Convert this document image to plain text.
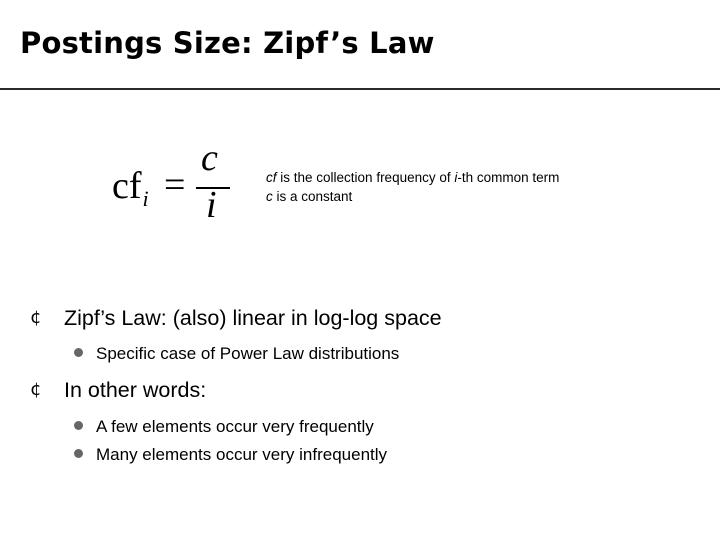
Postings Size: Zipf’s Law
$cf_i$ =
c
i
cf is the collection frequency of i-th common term
c is a constant
¢	Zipf’s Law: (also) linear in log-log space
Specific case of Power Law distributions
¢	In other words:
A few elements occur very frequently
Many elements occur very infrequently
